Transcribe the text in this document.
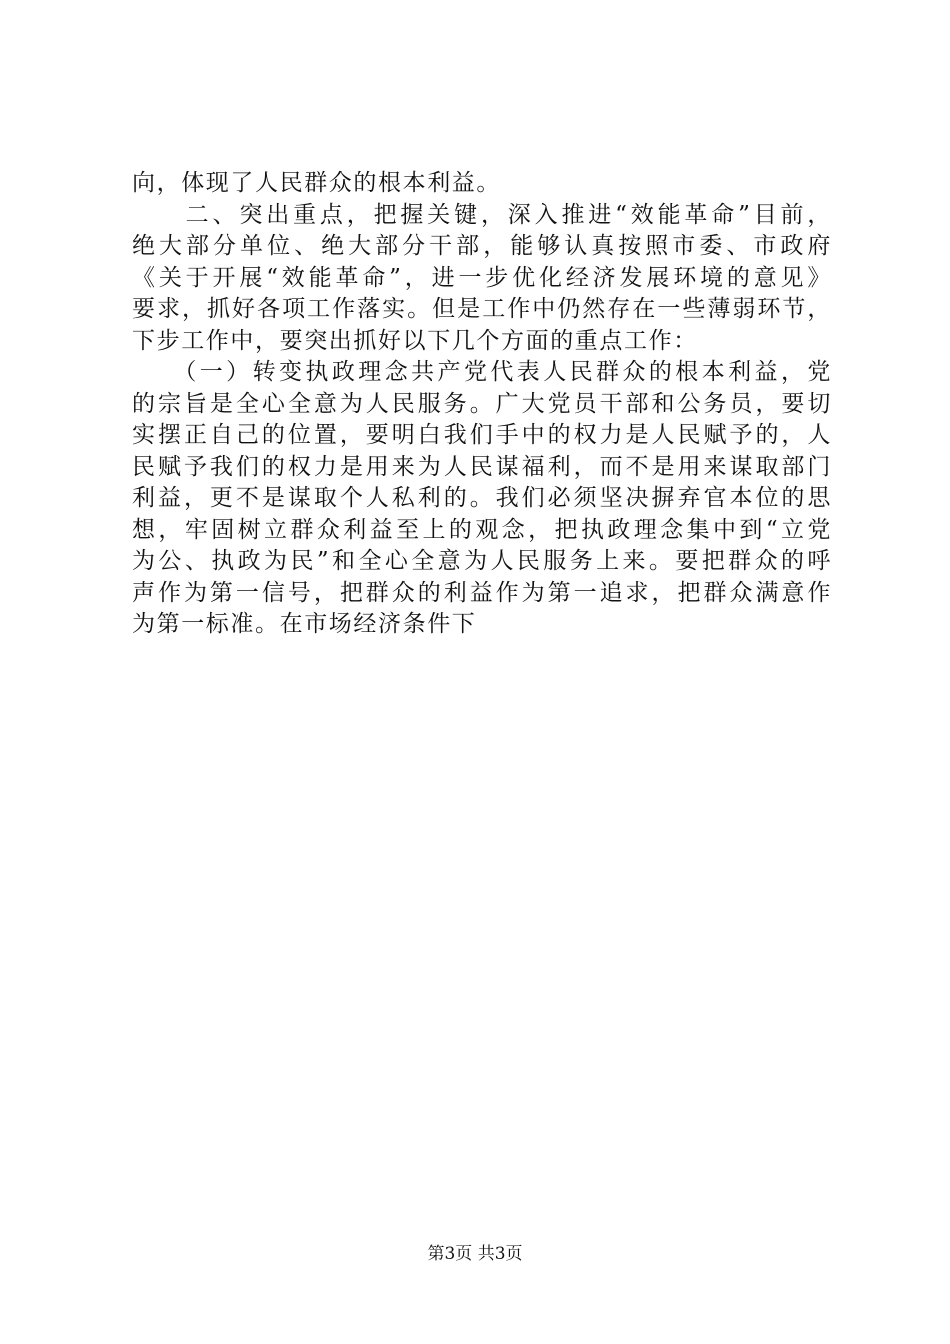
向，体现了人民群众的根本利益。
　　二、突出重点，把握关键，深入推进“效能革命”目前，
绝大部分单位、绝大部分干部，能够认真按照市委、市政府
《关于开展“效能革命”，进一步优化经济发展环境的意见》
要求，抓好各项工作落实。但是工作中仍然存在一些薄弱环节，
下步工作中，要突出抓好以下几个方面的重点工作：
　　（一）转变执政理念共产党代表人民群众的根本利益，党
的宗旨是全心全意为人民服务。广大党员干部和公务员，要切
实摆正自己的位置，要明白我们手中的权力是人民赋予的，人
民赋予我们的权力是用来为人民谋福利，而不是用来谋取部门
利益，更不是谋取个人私利的。我们必须坚决摒弃官本位的思
想，牢固树立群众利益至上的观念，把执政理念集中到“立党
为公、执政为民”和全心全意为人民服务上来。要把群众的呼
声作为第一信号，把群众的利益作为第一追求，把群众满意作
为第一标准。在市场经济条件下
第3页 共3页
